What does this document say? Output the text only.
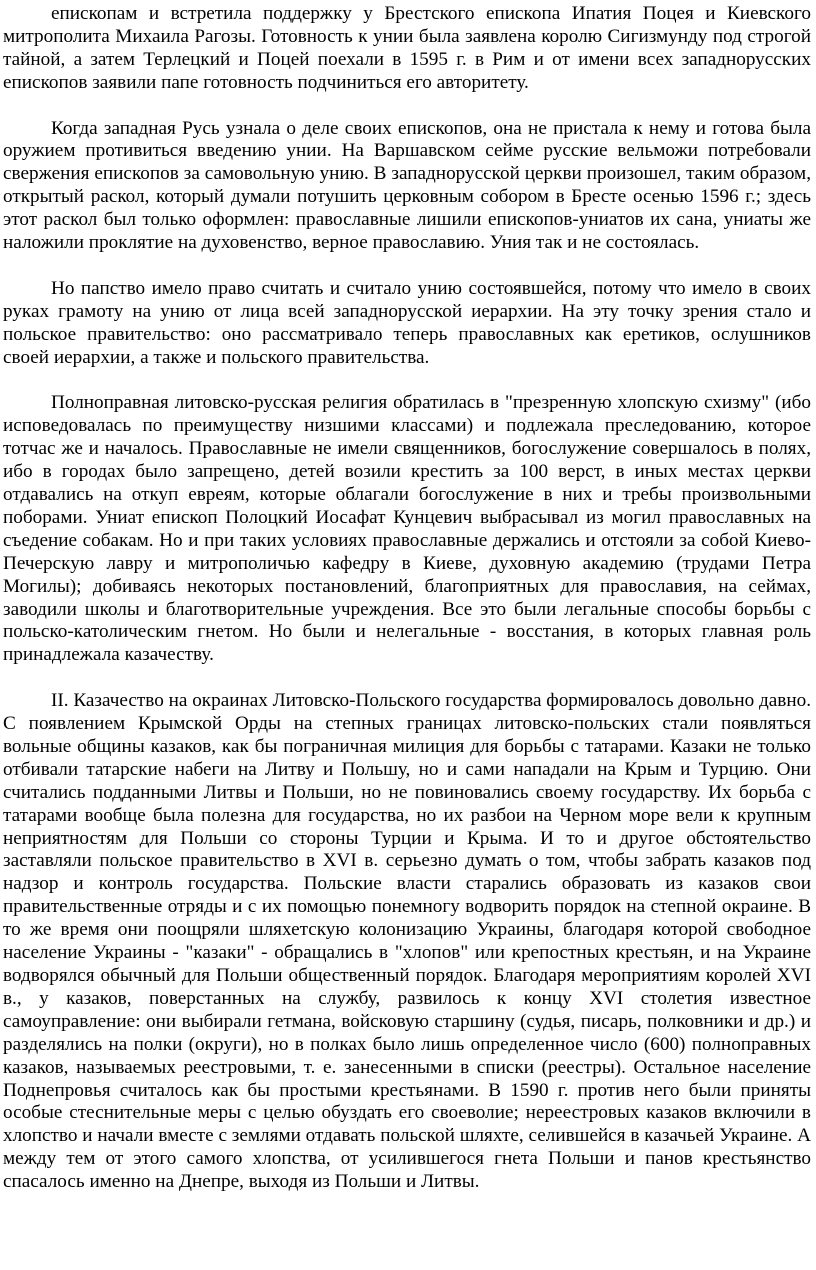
епископам и встретила поддержку у Брестского епископа Ипатия Поцея и Киевского митрополита Михаила Рагозы. Готовность к унии была заявлена королю Сигизмунду под строгой тайной, а затем Терлецкий и Поцей поехали в 1595 г. в Рим и от имени всех западнорусских епископов заявили папе готовность подчиниться его авторитету.

Когда западная Русь узнала о деле своих епископов, она не пристала к нему и готова была оружием противиться введению унии. На Варшавском сейме русские вельможи потребовали свержения епископов за самовольную унию. В западнорусской церкви произошел, таким образом, открытый раскол, который думали потушить церковным собором в Бресте осенью 1596 г.; здесь этот раскол был только оформлен: православные лишили епископов-униатов их сана, униаты же наложили проклятие на духовенство, верное православию. Уния так и не состоялась.

Но папство имело право считать и считало унию состоявшейся, потому что имело в своих руках грамоту на унию от лица всей западнорусской иерархии. На эту точку зрения стало и польское правительство: оно рассматривало теперь православных как еретиков, ослушников своей иерархии, а также и польского правительства.

Полноправная литовско-русская религия обратилась в "презренную хлопскую схизму" (ибо исповедовалась по преимуществу низшими классами) и подлежала преследованию, которое тотчас же и началось. Православные не имели священников, богослужение совершалось в полях, ибо в городах было запрещено, детей возили крестить за 100 верст, в иных местах церкви отдавались на откуп евреям, которые облагали богослужение в них и требы произвольными поборами. Униат епископ Полоцкий Иосафат Кунцевич выбрасывал из могил православных на съедение собакам. Но и при таких условиях православные держались и отстояли за собой Киево-Печерскую лавру и митрополичью кафедру в Киеве, духовную академию (трудами Петра Могилы); добиваясь некоторых постановлений, благоприятных для православия, на сеймах, заводили школы и благотворительные учреждения. Все это были легальные способы борьбы с польско-католическим гнетом. Но были и нелегальные - восстания, в которых главная роль принадлежала казачеству.

II. Казачество на окраинах Литовско-Польского государства формировалось довольно давно. С появлением Крымской Орды на степных границах литовско-польских стали появляться вольные общины казаков, как бы пограничная милиция для борьбы с татарами. Казаки не только отбивали татарские набеги на Литву и Польшу, но и сами нападали на Крым и Турцию. Они считались подданными Литвы и Польши, но не повиновались своему государству. Их борьба с татарами вообще была полезна для государства, но их разбои на Черном море вели к крупным неприятностям для Польши со стороны Турции и Крыма. И то и другое обстоятельство заставляли польское правительство в XVI в. серьезно думать о том, чтобы забрать казаков под надзор и контроль государства. Польские власти старались образовать из казаков свои правительственные отряды и с их помощью понемногу водворить порядок на степной окраине. В то же время они поощряли шляхетскую колонизацию Украины, благодаря которой свободное население Украины - "казаки" - обращались в "хлопов" или крепостных крестьян, и на Украине водворялся обычный для Польши общественный порядок. Благодаря мероприятиям королей XVI в., у казаков, поверстанных на службу, развилось к концу XVI столетия известное самоуправление: они выбирали гетмана, войсковую старшину (судья, писарь, полковники и др.) и разделялись на полки (округи), но в полках было лишь определенное число (600) полноправных казаков, называемых реестровыми, т. е. занесенными в списки (реестры). Остальное население Поднепровья считалось как бы простыми крестьянами. В 1590 г. против него были приняты особые стеснительные меры с целью обуздать его своеволие; нереестровых казаков включили в хлопство и начали вместе с землями отдавать польской шляхте, селившейся в казачьей Украине. А между тем от этого самого хлопства, от усилившегося гнета Польши и панов крестьянство спасалось именно на Днепре, выходя из Польши и Литвы.
